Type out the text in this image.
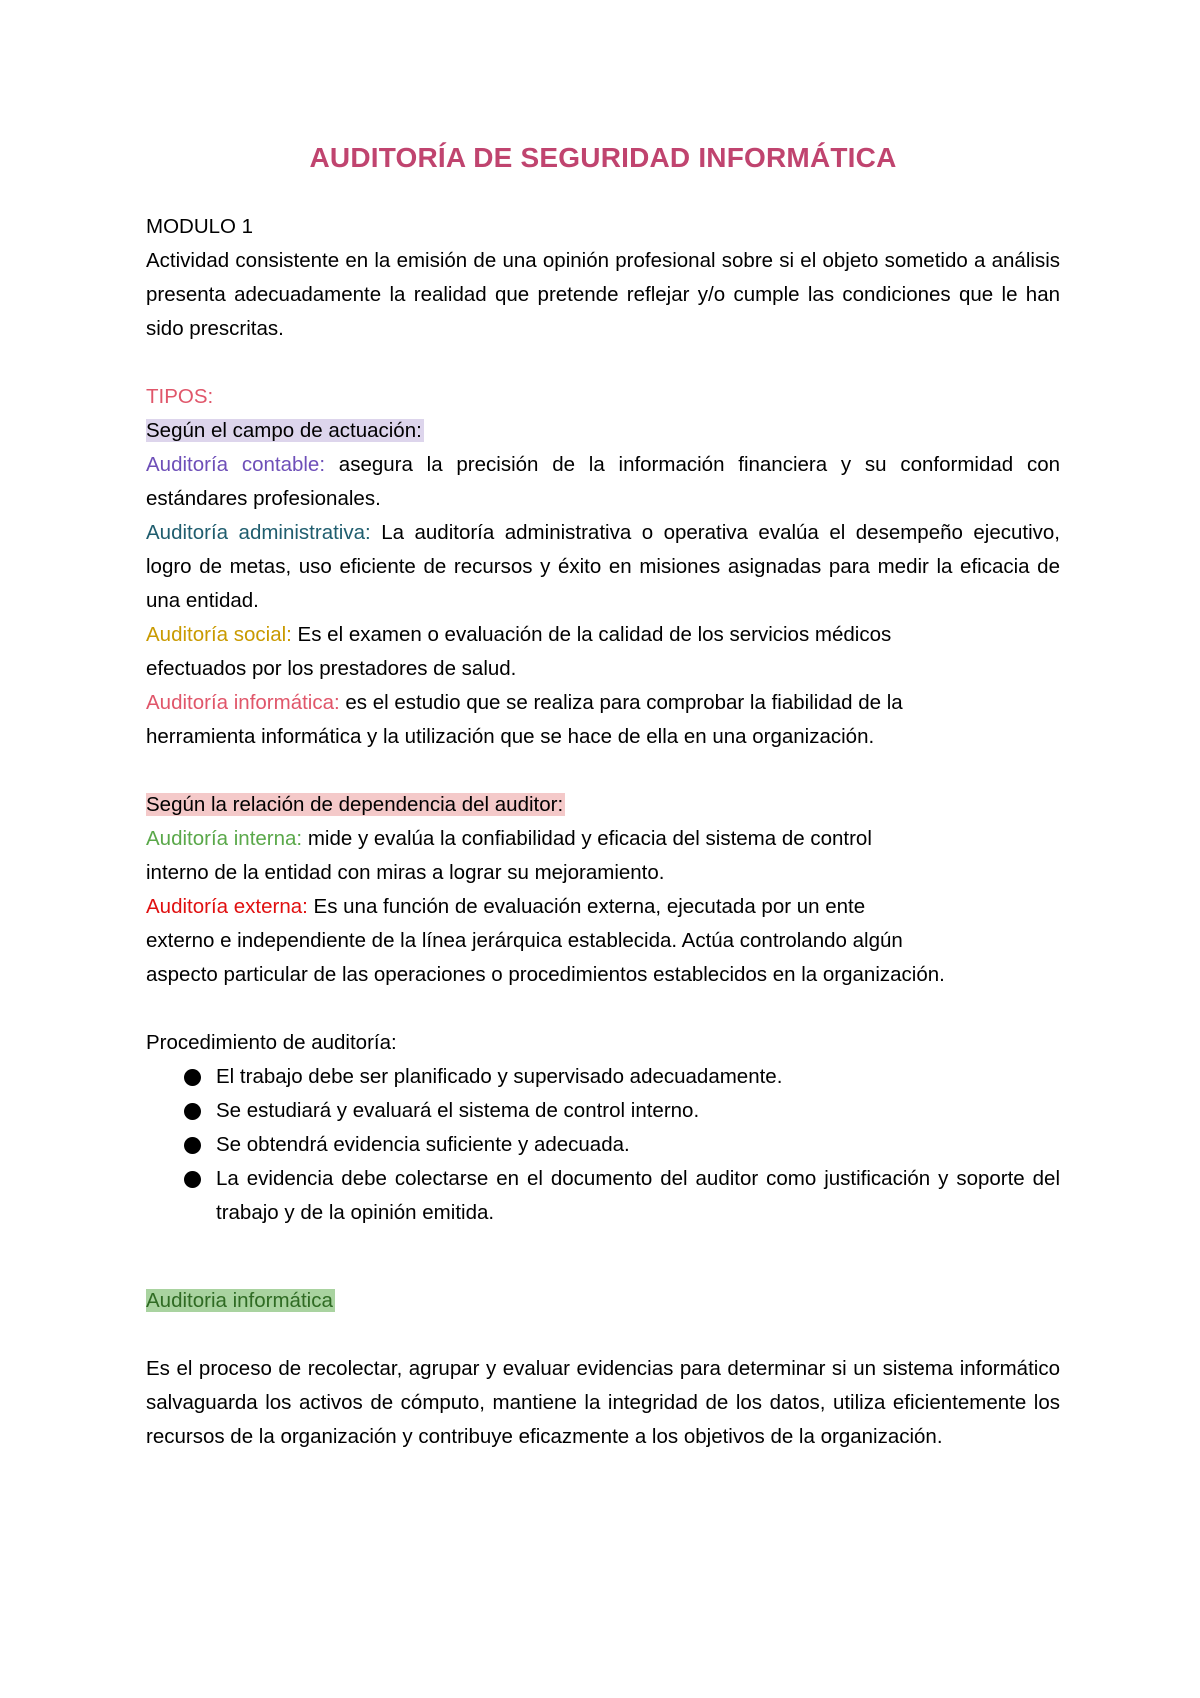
AUDITORÍA DE SEGURIDAD INFORMÁTICA

MODULO 1

Actividad consistente en la emisión de una opinión profesional sobre si el objeto sometido a análisis presenta adecuadamente la realidad que pretende reflejar y/o cumple las condiciones que le han sido prescritas.

TIPOS:

Según el campo de actuación:

Auditoría contable: asegura la precisión de la información financiera y su conformidad con estándares profesionales.

Auditoría administrativa: La auditoría administrativa o operativa evalúa el desempeño ejecutivo, logro de metas, uso eficiente de recursos y éxito en misiones asignadas para medir la eficacia de una entidad.

Auditoría social: Es el examen o evaluación de la calidad de los servicios médicos
efectuados por los prestadores de salud.

Auditoría informática: es el estudio que se realiza para comprobar la fiabilidad de la
herramienta informática y la utilización que se hace de ella en una organización.

Según la relación de dependencia del auditor:

Auditoría interna: mide y evalúa la confiabilidad y eficacia del sistema de control
interno de la entidad con miras a lograr su mejoramiento.

Auditoría externa: Es una función de evaluación externa, ejecutada por un ente
externo e independiente de la línea jerárquica establecida. Actúa controlando algún
aspecto particular de las operaciones o procedimientos establecidos en la organización.

Procedimiento de auditoría:

El trabajo debe ser planificado y supervisado adecuadamente.
Se estudiará y evaluará el sistema de control interno.
Se obtendrá evidencia suficiente y adecuada.
La evidencia debe colectarse en el documento del auditor como justificación y soporte del trabajo y de la opinión emitida.

Auditoria informática

Es el proceso de recolectar, agrupar y evaluar evidencias para determinar si un sistema informático salvaguarda los activos de cómputo, mantiene la integridad de los datos, utiliza eficientemente los recursos de la organización y contribuye eficazmente a los objetivos de la organización.
